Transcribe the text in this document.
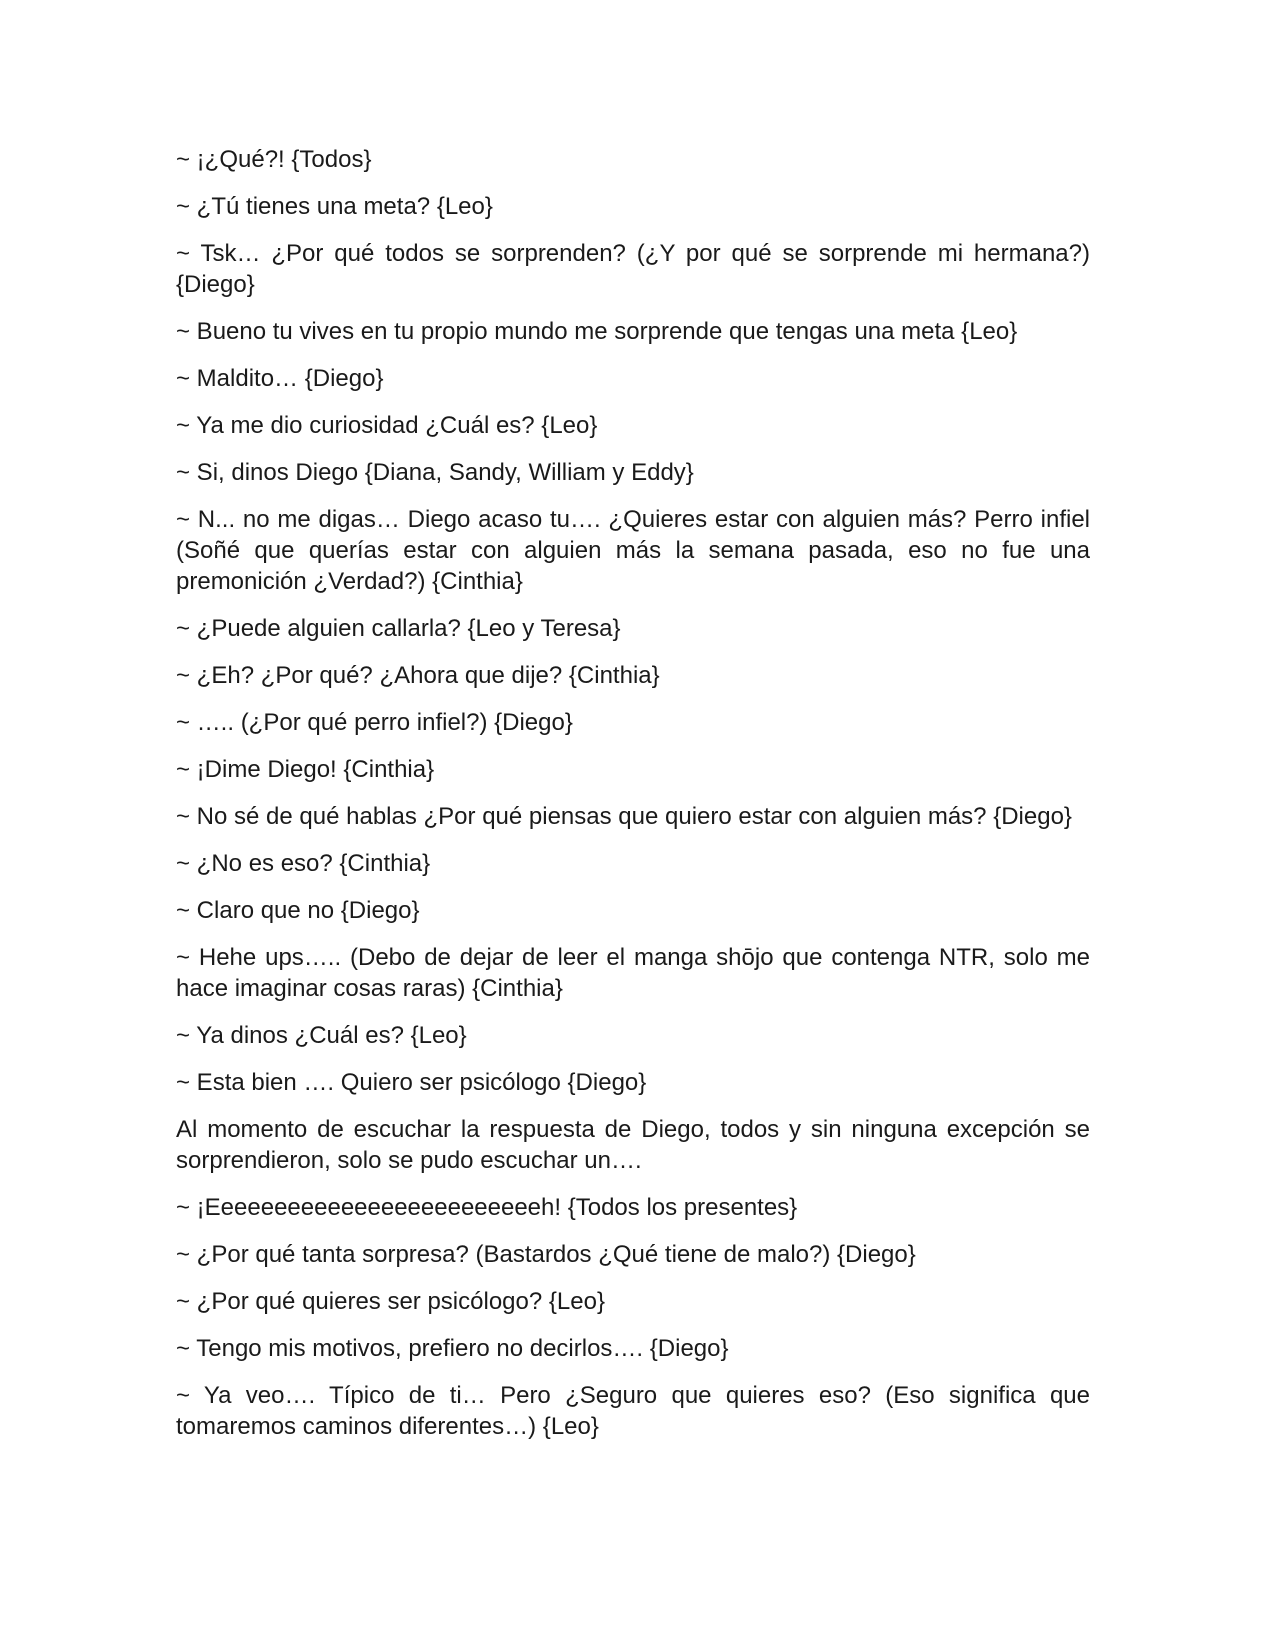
~ ¡¿Qué?! {Todos}

~ ¿Tú tienes una meta? {Leo}

~ Tsk… ¿Por qué todos se sorprenden? (¿Y por qué se sorprende mi hermana?) {Diego}

~ Bueno tu vives en tu propio mundo me sorprende que tengas una meta {Leo}

~ Maldito… {Diego}

~ Ya me dio curiosidad ¿Cuál es? {Leo}

~ Si, dinos Diego {Diana, Sandy, William y Eddy}

~ N... no me digas… Diego acaso tu…. ¿Quieres estar con alguien más? Perro infiel (Soñé que querías estar con alguien más la semana pasada, eso no fue una premonición ¿Verdad?) {Cinthia}

~ ¿Puede alguien callarla? {Leo y Teresa}

~ ¿Eh? ¿Por qué? ¿Ahora que dije? {Cinthia}

~ ….. (¿Por qué perro infiel?) {Diego}

~ ¡Dime Diego! {Cinthia}

~ No sé de qué hablas ¿Por qué piensas que quiero estar con alguien más? {Diego}

~ ¿No es eso? {Cinthia}

~ Claro que no {Diego}

~ Hehe ups….. (Debo de dejar de leer el manga shōjo que contenga NTR, solo me hace imaginar cosas raras) {Cinthia}

~ Ya dinos ¿Cuál es? {Leo}

~ Esta bien …. Quiero ser psicólogo {Diego}

Al momento de escuchar la respuesta de Diego, todos y sin ninguna excepción se sorprendieron, solo se pudo escuchar un….

~ ¡Eeeeeeeeeeeeeeeeeeeeeeeeeh! {Todos los presentes}

~ ¿Por qué tanta sorpresa? (Bastardos ¿Qué tiene de malo?) {Diego}

~ ¿Por qué quieres ser psicólogo? {Leo}

~ Tengo mis motivos, prefiero no decirlos…. {Diego}

~ Ya veo…. Típico de ti… Pero ¿Seguro que quieres eso? (Eso significa que tomaremos caminos diferentes…) {Leo}
